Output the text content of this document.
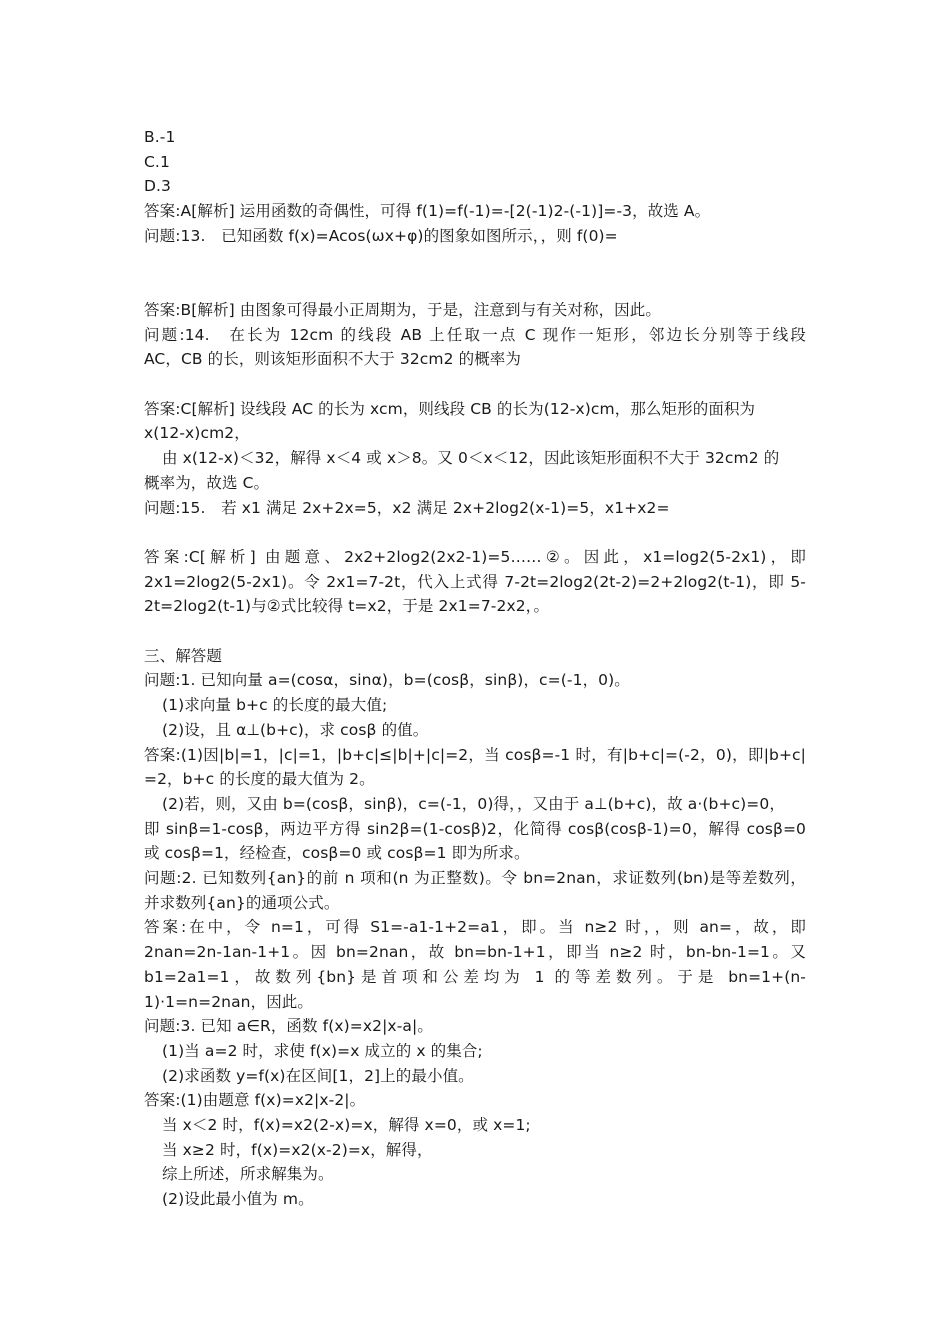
B.-1
C.1
D.3
答案:A[解析] 运用函数的奇偶性，可得 f(1)=f(-1)=-[2(-1)2-(-1)]=-3，故选 A。
问题:13.　已知函数 f(x)=Acos(ωx+φ)的图象如图所示，，则 f(0)=
答案:B[解析] 由图象可得最小正周期为，于是，注意到与有关对称，因此。
问题:14.　在长为 12cm 的线段 AB 上任取一点 C 现作一矩形，邻边长分别等于线段
AC，CB 的长，则该矩形面积不大于 32cm2 的概率为
答案:C[解析] 设线段 AC 的长为 xcm，则线段 CB 的长为(12-x)cm，那么矩形的面积为
x(12-x)cm2，
由 x(12-x)＜32，解得 x＜4 或 x＞8。又 0＜x＜12，因此该矩形面积不大于 32cm2 的
概率为，故选 C。
问题:15.　若 x1 满足 2x+2x=5，x2 满足 2x+2log2(x-1)=5，x1+x2=
答案:C[解析] 由题意、2x2+2log2(2x2-1)=5……②。因此，x1=log2(5-2x1)，即
2x1=2log2(5-2x1)。令 2x1=7-2t，代入上式得 7-2t=2log2(2t-2)=2+2log2(t-1)，即 5-
2t=2log2(t-1)与②式比较得 t=x2，于是 2x1=7-2x2，。
三、解答题
问题:1. 已知向量 a=(cosα，sinα)，b=(cosβ，sinβ)，c=(-1，0)。
(1)求向量 b+c 的长度的最大值;
(2)设，且 α⊥(b+c)，求 cosβ 的值。
答案:(1)因|b|=1，|c|=1，|b+c|≤|b|+|c|=2，当 cosβ=-1 时，有|b+c|=(-2，0)，即|b+c|
=2，b+c 的长度的最大值为 2。
(2)若，则，又由 b=(cosβ，sinβ)，c=(-1，0)得，，又由于 a⊥(b+c)，故 a·(b+c)=0，
即 sinβ=1-cosβ，两边平方得 sin2β=(1-cosβ)2，化简得 cosβ(cosβ-1)=0，解得 cosβ=0
或 cosβ=1，经检查，cosβ=0 或 cosβ=1 即为所求。
问题:2. 已知数列{an}的前 n 项和(n 为正整数)。令 bn=2nan，求证数列(bn)是等差数列，
并求数列{an}的通项公式。
答案:在中，令 n=1，可得 S1=-a1-1+2=a1，即。当 n≥2 时，，则 an=，故，即
2nan=2n-1an-1+1。因 bn=2nan，故 bn=bn-1+1，即当 n≥2 时，bn-bn-1=1。又
b1=2a1=1，故数列{bn}是首项和公差均为 1 的等差数列。于是 bn=1+(n-
1)·1=n=2nan，因此。
问题:3. 已知 a∈R，函数 f(x)=x2|x-a|。
(1)当 a=2 时，求使 f(x)=x 成立的 x 的集合;
(2)求函数 y=f(x)在区间[1，2]上的最小值。
答案:(1)由题意 f(x)=x2|x-2|。
当 x＜2 时，f(x)=x2(2-x)=x，解得 x=0，或 x=1;
当 x≥2 时，f(x)=x2(x-2)=x，解得，
综上所述，所求解集为。
(2)设此最小值为 m。
